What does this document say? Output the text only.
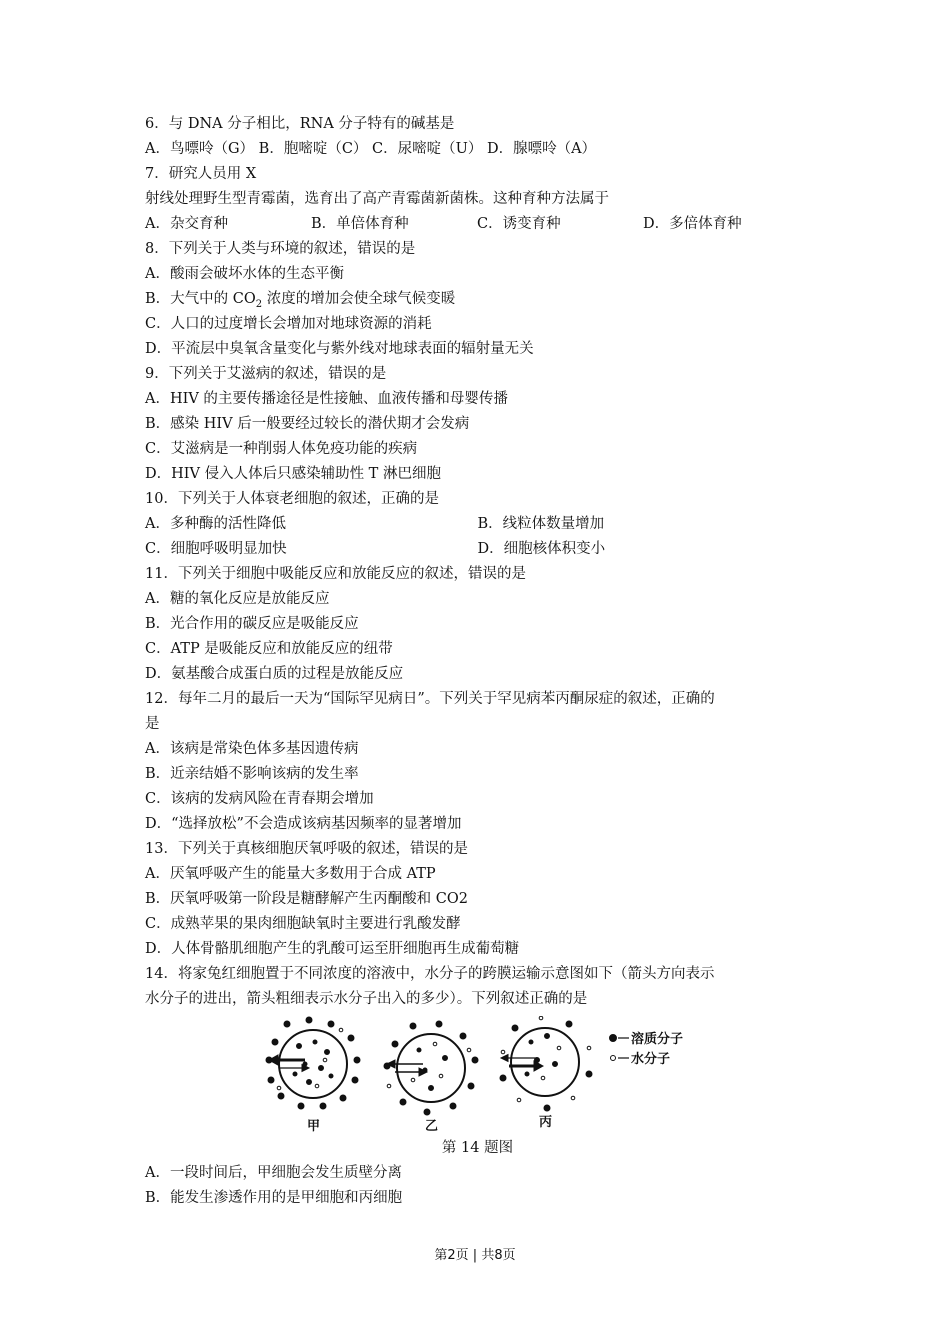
6．与 DNA 分子相比，RNA 分子特有的碱基是
A．鸟嘌呤（G） B．胞嘧啶（C） C．尿嘧啶（U） D．腺嘌呤（A）
7．研究人员用 X
射线处理野生型青霉菌，选育出了高产青霉菌新菌株。这种育种方法属于
A．杂交育种	B．单倍体育种	C．诱变育种	D．多倍体育种
8．下列关于人类与环境的叙述，错误的是
A．酸雨会破坏水体的生态平衡
B．大气中的 $CO_2$ 浓度的增加会使全球气候变暖
C．人口的过度增长会增加对地球资源的消耗
D．平流层中臭氧含量变化与紫外线对地球表面的辐射量无关
9．下列关于艾滋病的叙述，错误的是
A．HIV 的主要传播途径是性接触、血液传播和母婴传播
B．感染 HIV 后一般要经过较长的潜伏期才会发病
C．艾滋病是一种削弱人体免疫功能的疾病
D．HIV 侵入人体后只感染辅助性 T 淋巴细胞
10．下列关于人体衰老细胞的叙述，正确的是
A．多种酶的活性降低	B．线粒体数量增加
C．细胞呼吸明显加快	D．细胞核体积变小
11．下列关于细胞中吸能反应和放能反应的叙述，错误的是
A．糖的氧化反应是放能反应
B．光合作用的碳反应是吸能反应
C．ATP 是吸能反应和放能反应的纽带
D．氨基酸合成蛋白质的过程是放能反应
12．每年二月的最后一天为“国际罕见病日”。下列关于罕见病苯丙酮尿症的叙述，正确的
是
A．该病是常染色体多基因遗传病
B．近亲结婚不影响该病的发生率
C．该病的发病风险在青春期会增加
D．“选择放松”不会造成该病基因频率的显著增加
13．下列关于真核细胞厌氧呼吸的叙述，错误的是
A．厌氧呼吸产生的能量大多数用于合成 ATP
B．厌氧呼吸第一阶段是糖酵解产生丙酮酸和 CO2
C．成熟苹果的果肉细胞缺氧时主要进行乳酸发酵
D．人体骨骼肌细胞产生的乳酸可运至肝细胞再生成葡萄糖
14．将家兔红细胞置于不同浓度的溶液中，水分子的跨膜运输示意图如下（箭头方向表示
水分子的进出，箭头粗细表示水分子出入的多少）。下列叙述正确的是
溶质分子
水分子
甲	乙	丙
第 14 题图
A．一段时间后，甲细胞会发生质壁分离
B．能发生渗透作用的是甲细胞和丙细胞
第2页 | 共8页
